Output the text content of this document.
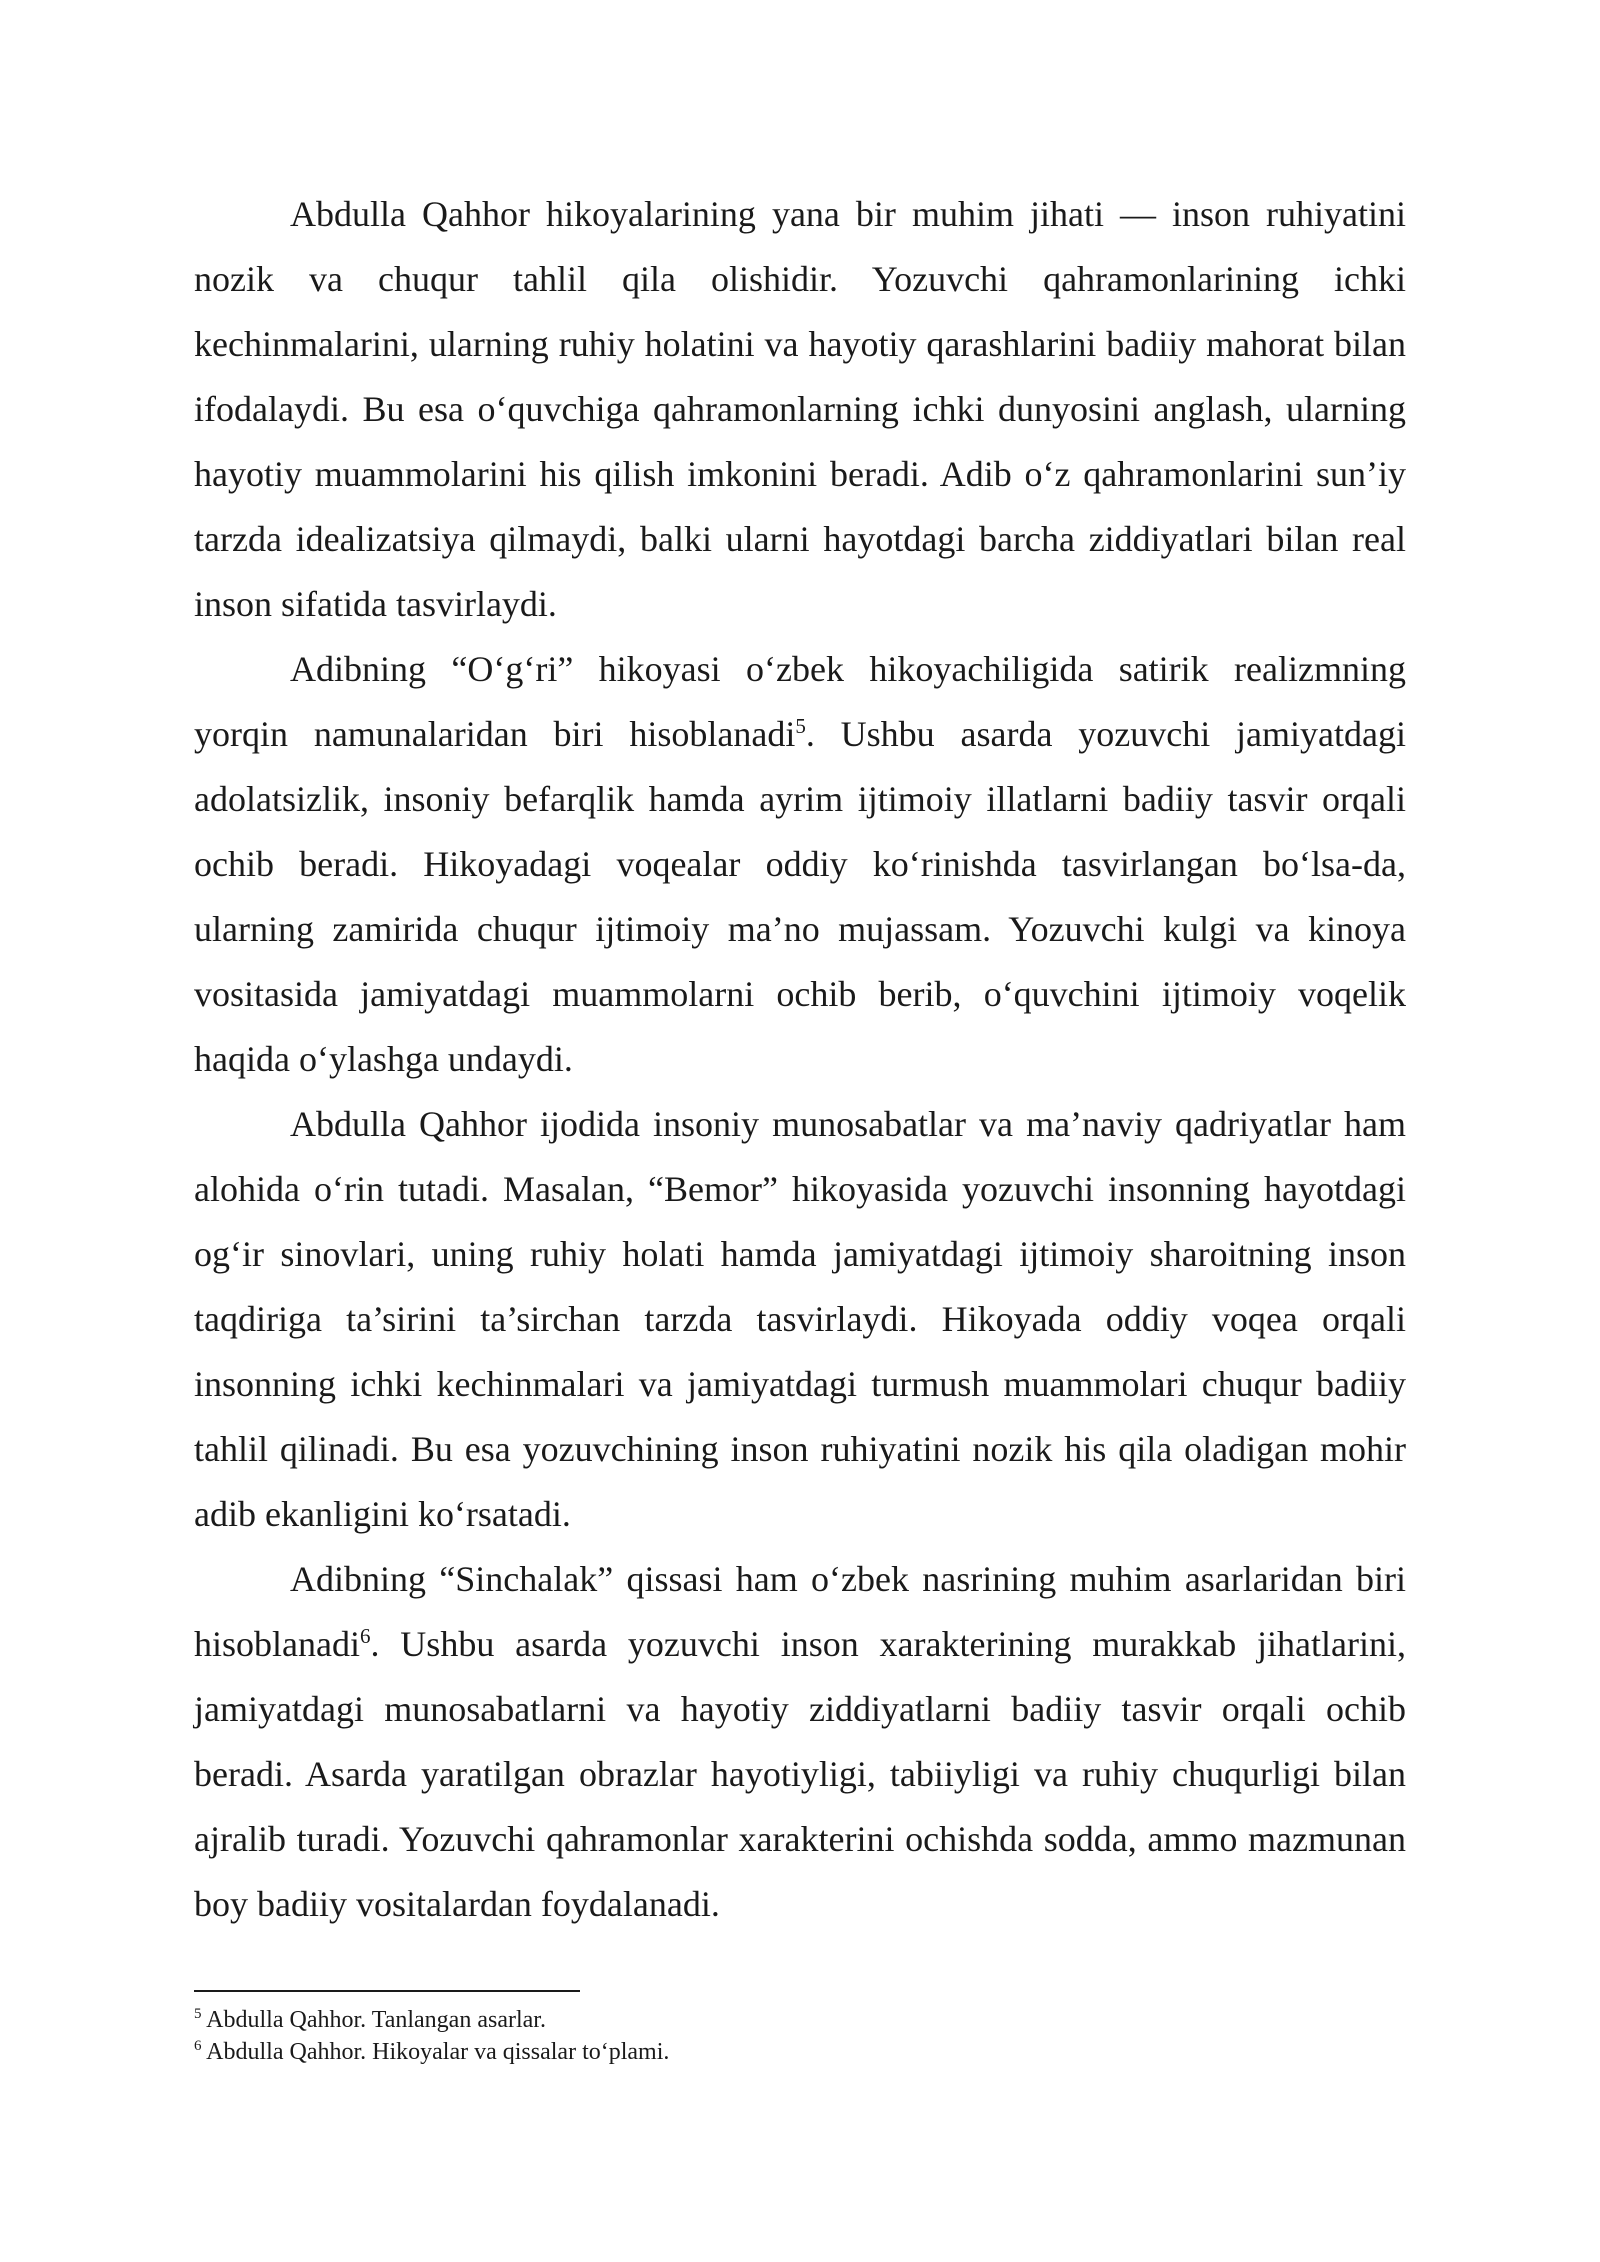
Abdulla Qahhor hikoyalarining yana bir muhim jihati — inson ruhiyatini nozik va chuqur tahlil qila olishidir. Yozuvchi qahramonlarining ichki kechinmalarini, ularning ruhiy holatini va hayotiy qarashlarini badiiy mahorat bilan ifodalaydi. Bu esa o‘quvchiga qahramonlarning ichki dunyosini anglash, ularning hayotiy muammolarini his qilish imkonini beradi. Adib o‘z qahramonlarini sun’iy tarzda idealizatsiya qilmaydi, balki ularni hayotdagi barcha ziddiyatlari bilan real inson sifatida tasvirlaydi.

Adibning “O‘g‘ri” hikoyasi o‘zbek hikoyachiligida satirik realizmning yorqin namunalaridan biri hisoblanadi$^5$. Ushbu asarda yozuvchi jamiyatdagi adolatsizlik, insoniy befarqlik hamda ayrim ijtimoiy illatlarni badiiy tasvir orqali ochib beradi. Hikoyadagi voqealar oddiy ko‘rinishda tasvirlangan bo‘lsa-da, ularning zamirida chuqur ijtimoiy ma’no mujassam. Yozuvchi kulgi va kinoya vositasida jamiyatdagi muammolarni ochib berib, o‘quvchini ijtimoiy voqelik haqida o‘ylashga undaydi.

Abdulla Qahhor ijodida insoniy munosabatlar va ma’naviy qadriyatlar ham alohida o‘rin tutadi. Masalan, “Bemor” hikoyasida yozuvchi insonning hayotdagi og‘ir sinovlari, uning ruhiy holati hamda jamiyatdagi ijtimoiy sharoitning inson taqdiriga ta’sirini ta’sirchan tarzda tasvirlaydi. Hikoyada oddiy voqea orqali insonning ichki kechinmalari va jamiyatdagi turmush muammolari chuqur badiiy tahlil qilinadi. Bu esa yozuvchining inson ruhiyatini nozik his qila oladigan mohir adib ekanligini ko‘rsatadi.

Adibning “Sinchalak” qissasi ham o‘zbek nasrining muhim asarlaridan biri hisoblanadi$^6$. Ushbu asarda yozuvchi inson xarakterining murakkab jihatlarini, jamiyatdagi munosabatlarni va hayotiy ziddiyatlarni badiiy tasvir orqali ochib beradi. Asarda yaratilgan obrazlar hayotiyligi, tabiiyligi va ruhiy chuqurligi bilan ajralib turadi. Yozuvchi qahramonlar xarakterini ochishda sodda, ammo mazmunan boy badiiy vositalardan foydalanadi.

$^5$ Abdulla Qahhor. Tanlangan asarlar.

$^6$ Abdulla Qahhor. Hikoyalar va qissalar to‘plami.
